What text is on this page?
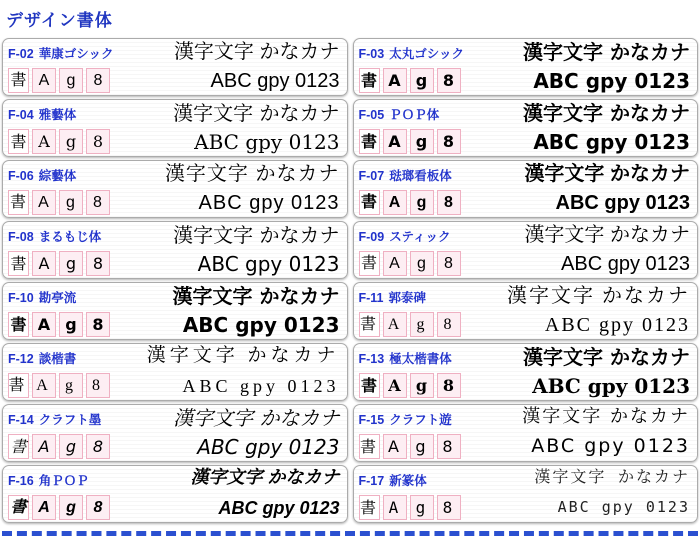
デザイン書体
F-02 華康ゴシック	漢字文字 かなカナ
書 A	g	8	ABC gpy 0123
F-03 太丸ゴシック	漢字文字 かなカナ
書 A g 8	ABC gpy 0123
F-04 雅藝体	漢字文字 かなカナ
書 A	g	8	ABC gpy 0123
F-05 ＰＯＰ体	漢字文字 かなカナ
書 A g 8	ABC gpy 0123
F-06 綜藝体	漢字文字 かなカナ
書 A	g	8	ABC gpy 0123
F-07 琺瑯看板体	漢字文字 かなカナ
書 A	g	8	ABC gpy 0123
F-08 まるもじ体	漢字文字 かなカナ
書 A	g	8	ABC gpy 0123
F-09 スティック	漢字文字 かなカナ
書 A	g	8	ABC gpy 0123
F-10 勘亭流	漢字文字 かなカナ
書 A g 8	ABC gpy 0123
F-11 郭泰碑	漢字文字 かなカナ
書 A g	8	ABC gpy 0123
F-12 談楷書	漢字文字 かなカナ
書 A g 8	ABC gpy 0123
F-13 極太楷書体	漢字文字 かなカナ
書 A g 8	ABC gpy 0123
F-14 クラフト墨	漢字文字 かなカナ
書 A	g	8	ABC gpy 0123
F-15 クラフト遊	漢字文字 かなカナ
書 A g 8	ABC gpy 0123
F-16 角ＰＯＰ	漢字文字 かなカナ
書 A	g	8	ABC gpy 0123
F-17 新篆体	漢字文字 かなカナ
書 A g 8	ABC gpy 0123
